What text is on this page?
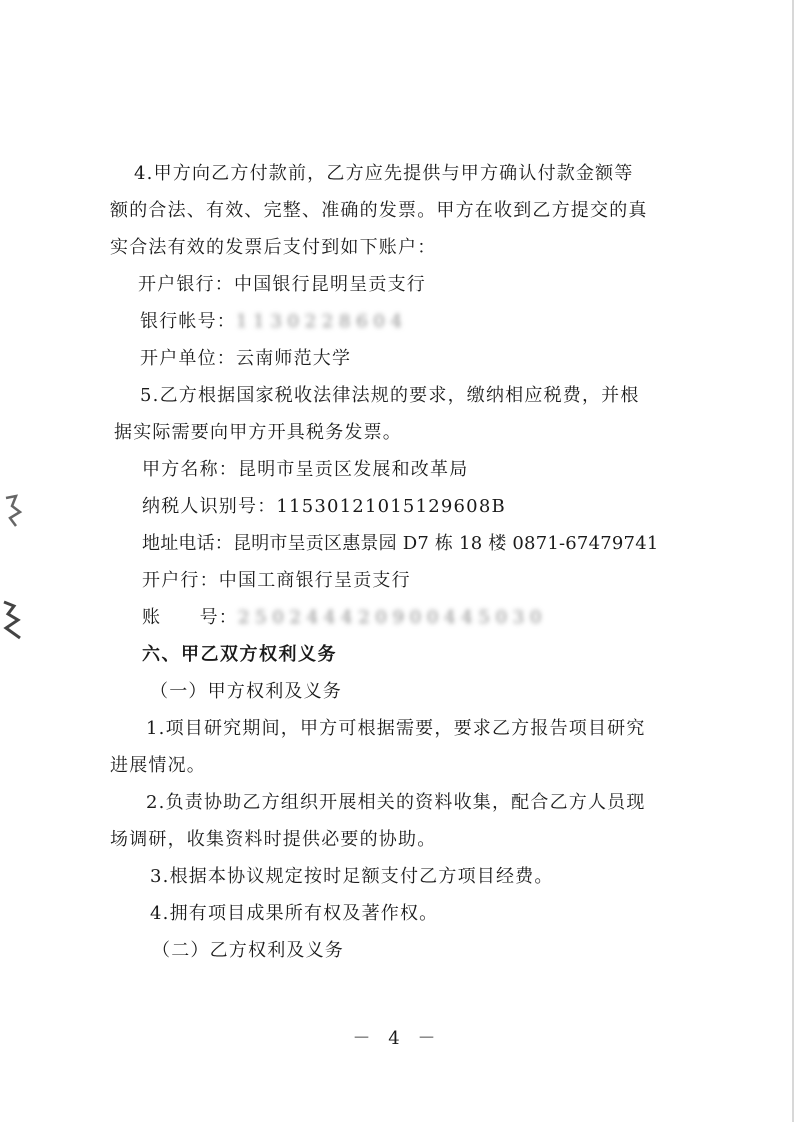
4.甲方向乙方付款前，乙方应先提供与甲方确认付款金额等
额的合法、有效、完整、准确的发票。甲方在收到乙方提交的真
实合法有效的发票后支付到如下账户：
开户银行：中国银行昆明呈贡支行
银行帐号：1 1 3 0 2 2 8 6 0 4
开户单位：云南师范大学
5.乙方根据国家税收法律法规的要求，缴纳相应税费，并根
据实际需要向甲方开具税务发票。
甲方名称：昆明市呈贡区发展和改革局
纳税人识别号：11530121015129608B
地址电话：昆明市呈贡区惠景园 D7 栋 18 楼 0871-67479741
开户行：中国工商银行呈贡支行
账　　号：2 5 0 2 4 4 4 2 0 9 0 0 4 4 5 0 3 0
六、甲乙双方权利义务
（一）甲方权利及义务
1.项目研究期间，甲方可根据需要，要求乙方报告项目研究
进展情况。
2.负责协助乙方组织开展相关的资料收集，配合乙方人员现
场调研，收集资料时提供必要的协助。
3.根据本协议规定按时足额支付乙方项目经费。
4.拥有项目成果所有权及著作权。
（二）乙方权利及义务
－ 4 －
